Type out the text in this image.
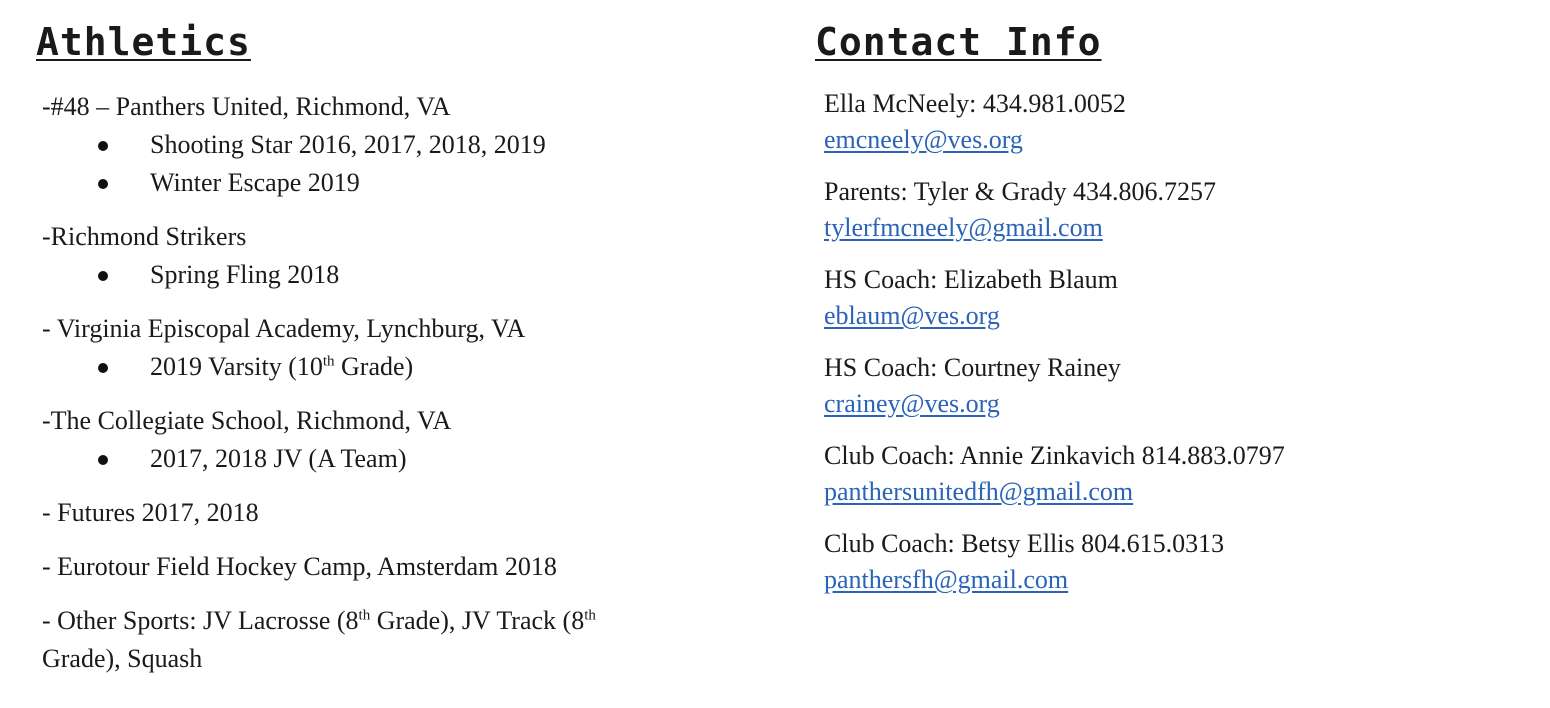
Athletics
-#48 – Panthers United, Richmond, VA
Shooting Star 2016, 2017, 2018, 2019
Winter Escape 2019
-Richmond Strikers
Spring Fling 2018
- Virginia Episcopal Academy, Lynchburg, VA
2019 Varsity (10th Grade)
-The Collegiate School, Richmond, VA
2017, 2018 JV (A Team)
- Futures 2017, 2018
- Eurotour Field Hockey Camp, Amsterdam 2018
- Other Sports: JV Lacrosse (8th Grade), JV Track (8th
Grade), Squash
Contact Info
Ella McNeely: 434.981.0052
emcneely@ves.org
Parents: Tyler & Grady 434.806.7257
tylerfmcneely@gmail.com
HS Coach: Elizabeth Blaum
eblaum@ves.org
HS Coach: Courtney Rainey
crainey@ves.org
Club Coach: Annie Zinkavich 814.883.0797
panthersunitedfh@gmail.com
Club Coach: Betsy Ellis 804.615.0313
panthersfh@gmail.com
